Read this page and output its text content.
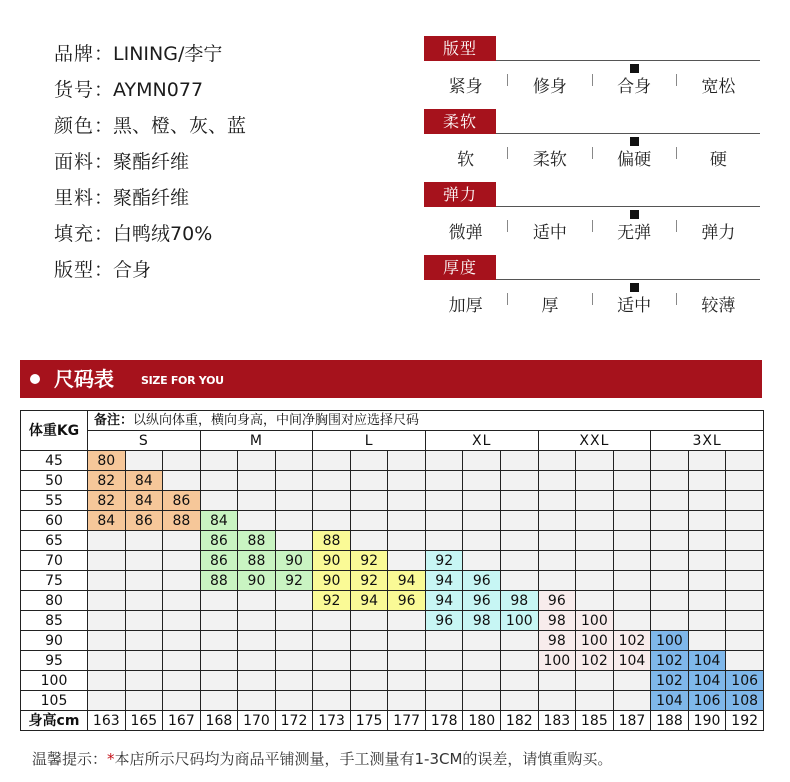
品牌：LINING/李宁
货号：AYMN077
颜色：黑、橙、灰、蓝
面料：聚酯纤维
里料：聚酯纤维
填充：白鸭绒70%
版型：合身
版型
紧身	修身	合身	宽松
柔软
软	柔软	偏硬	硬
弹力
微弹	适中	无弹	弹力
厚度
加厚	厚	适中	较薄
尺码表 SIZE FOR YOU
体重KG	备注：以纵向体重，横向身高，中间净胸围对应选择尺码																	
	S			M			L			XL			XXL			3XL		
45	80																	
50	82	84																
55	82	84	86															
60	84	86	88	84														
65				86	88		88											
70				86	88	90	90	92		92								
75				88	90	92	90	92	94	94	96							
80							92	94	96	94	96	98	96					
85										96	98	100	98	100				
90													98	100	102	100		
95													100	102	104	102	104	
100																102	104	106
105																104	106	108
身高cm	163	165	167	168	170	172	173	175	177	178	180	182	183	185	187	188	190	192
温馨提示：*本店所示尺码均为商品平铺测量，手工测量有1-3CM的误差，请慎重购买。
